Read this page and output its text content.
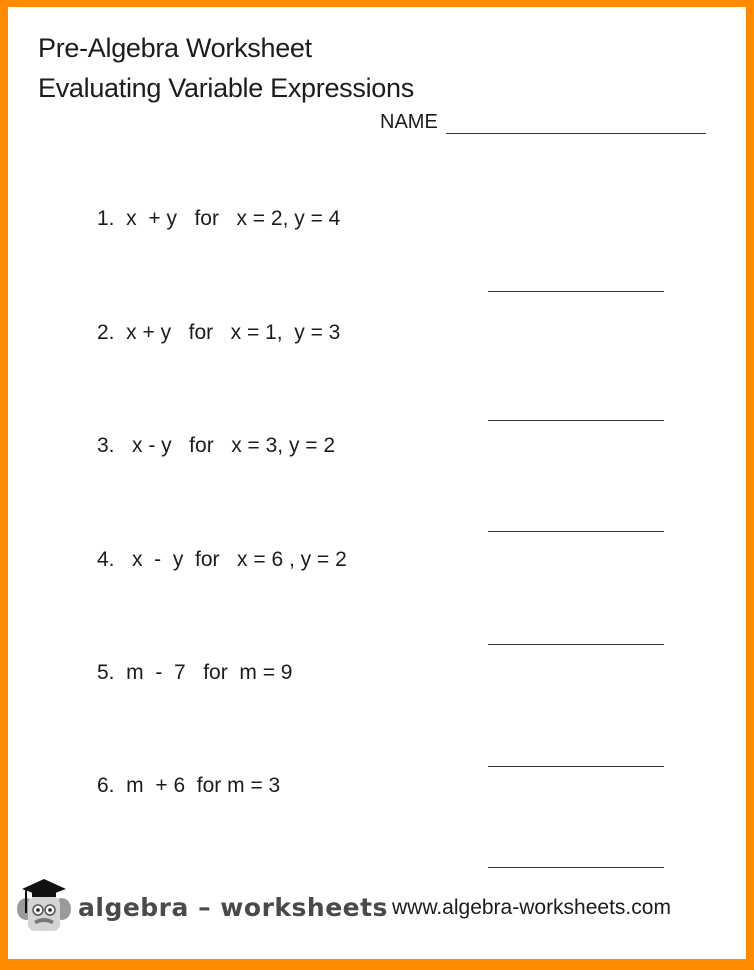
Pre-Algebra Worksheet
Evaluating Variable Expressions
NAME
1.  x  + y   for   x = 2, y = 4
2.  x + y   for   x = 1,  y = 3
3.   x - y   for   x = 3, y = 2
4.   x  -  y  for   x = 6 , y = 2
5.  m  -  7   for  m = 9
6.  m  + 6  for m = 3
algebra – worksheets www.algebra-worksheets.com
